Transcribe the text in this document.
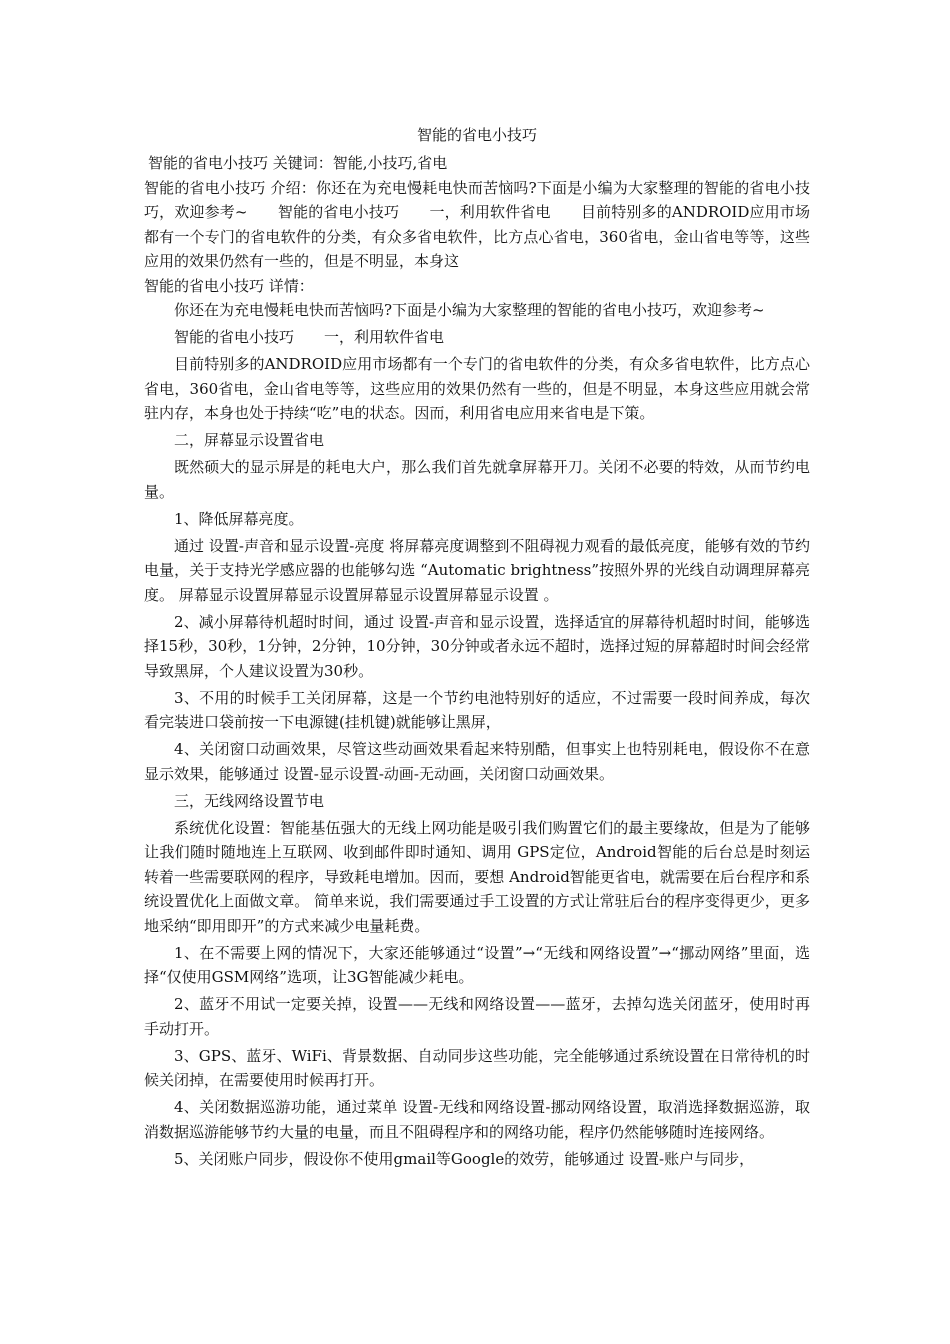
智能的省电小技巧

智能的省电小技巧 关键词：智能,小技巧,省电

智能的省电小技巧 介绍：你还在为充电慢耗电快而苦恼吗?下面是小编为大家整理的智能的省电小技巧，欢迎参考~　　智能的省电小技巧　　一，利用软件省电　　目前特别多的ANDROID应用市场都有一个专门的省电软件的分类，有众多省电软件，比方点心省电，360省电，金山省电等等，这些应用的效果仍然有一些的，但是不明显，本身这

智能的省电小技巧 详情：

你还在为充电慢耗电快而苦恼吗?下面是小编为大家整理的智能的省电小技巧，欢迎参考~

智能的省电小技巧　　一，利用软件省电

目前特别多的ANDROID应用市场都有一个专门的省电软件的分类，有众多省电软件，比方点心省电，360省电，金山省电等等，这些应用的效果仍然有一些的，但是不明显，本身这些应用就会常驻内存，本身也处于持续“吃”电的状态。因而，利用省电应用来省电是下策。

二，屏幕显示设置省电

既然硕大的显示屏是的耗电大户，那么我们首先就拿屏幕开刀。关闭不必要的特效，从而节约电量。

1、降低屏幕亮度。

通过 设置-声音和显示设置-亮度 将屏幕亮度调整到不阻碍视力观看的最低亮度，能够有效的节约电量，关于支持光学感应器的也能够勾选 “Automatic brightness”按照外界的光线自动调理屏幕亮度。 屏幕显示设置屏幕显示设置屏幕显示设置屏幕显示设置 。

2、减小屏幕待机超时时间，通过 设置-声音和显示设置，选择适宜的屏幕待机超时时间，能够选择15秒，30秒，1分钟，2分钟，10分钟，30分钟或者永远不超时，选择过短的屏幕超时时间会经常导致黑屏，个人建议设置为30秒。

3、不用的时候手工关闭屏幕，这是一个节约电池特别好的适应，不过需要一段时间养成，每次看完装进口袋前按一下电源键(挂机键)就能够让黑屏，

4、关闭窗口动画效果，尽管这些动画效果看起来特别酷，但事实上也特别耗电，假设你不在意显示效果，能够通过 设置-显示设置-动画-无动画，关闭窗口动画效果。

三，无线网络设置节电

系统优化设置：智能基伍强大的无线上网功能是吸引我们购置它们的最主要缘故，但是为了能够让我们随时随地连上互联网、收到邮件即时通知、调用 GPS定位，Android智能的后台总是时刻运转着一些需要联网的程序，导致耗电增加。因而，要想 Android智能更省电，就需要在后台程序和系统设置优化上面做文章。 简单来说，我们需要通过手工设置的方式让常驻后台的程序变得更少，更多地采纳“即用即开”的方式来减少电量耗费。

1、在不需要上网的情况下，大家还能够通过“设置”→“无线和网络设置”→“挪动网络”里面，选择“仅使用GSM网络”选项，让3G智能减少耗电。

2、蓝牙不用试一定要关掉，设置——无线和网络设置——蓝牙，去掉勾选关闭蓝牙，使用时再手动打开。

3、GPS、蓝牙、WiFi、背景数据、自动同步这些功能，完全能够通过系统设置在日常待机的时候关闭掉，在需要使用时候再打开。

4、关闭数据巡游功能，通过菜单 设置-无线和网络设置-挪动网络设置，取消选择数据巡游，取消数据巡游能够节约大量的电量，而且不阻碍程序和的网络功能，程序仍然能够随时连接网络。

5、关闭账户同步，假设你不使用gmail等Google的效劳，能够通过 设置-账户与同步，
